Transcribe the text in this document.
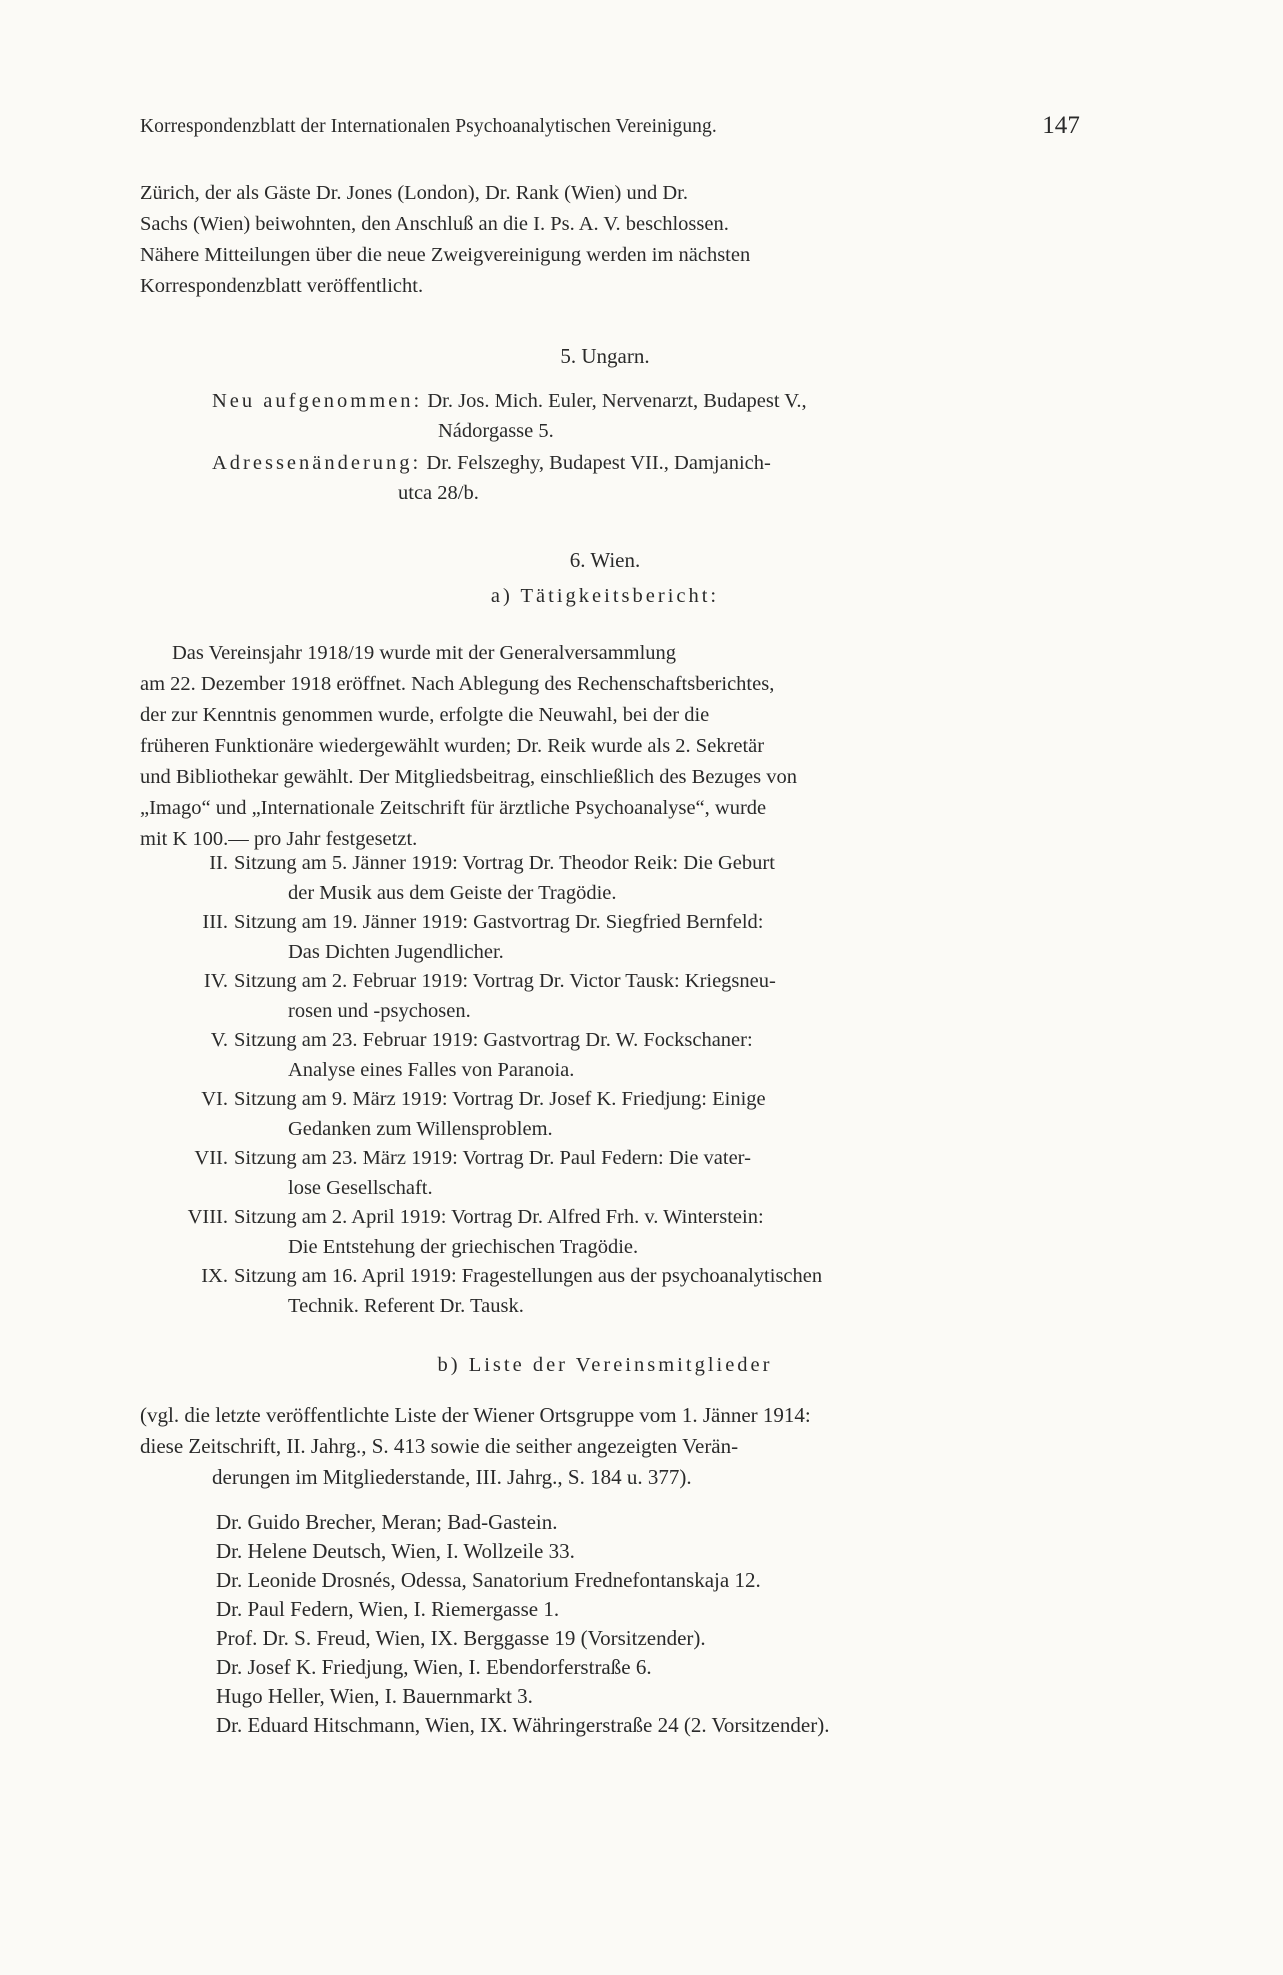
Korrespondenzblatt der Internationalen Psychoanalytischen Vereinigung.	147
Zürich, der als Gäste Dr. Jones (London), Dr. Rank (Wien) und Dr.
Sachs (Wien) beiwohnten, den Anschluß an die I. Ps. A. V. beschlossen.
Nähere Mitteilungen über die neue Zweigvereinigung werden im nächsten
Korrespondenzblatt veröffentlicht.
5. Ungarn.
Neu aufgenommen: Dr. Jos. Mich. Euler, Nervenarzt, Budapest V.,
Nádorgasse 5.
Adressenänderung: Dr. Felszeghy, Budapest VII., Damjanich-
utca 28/b.
6. Wien.
a) Tätigkeitsbericht:
Das Vereinsjahr 1918/19 wurde mit der Generalversammlung
am 22. Dezember 1918 eröffnet. Nach Ablegung des Rechenschaftsberichtes,
der zur Kenntnis genommen wurde, erfolgte die Neuwahl, bei der die
früheren Funktionäre wiedergewählt wurden; Dr. Reik wurde als 2. Sekretär
und Bibliothekar gewählt. Der Mitgliedsbeitrag, einschließlich des Bezuges von
„Imago“ und „Internationale Zeitschrift für ärztliche Psychoanalyse“, wurde
mit K 100.— pro Jahr festgesetzt.
II. Sitzung am 5. Jänner 1919: Vortrag Dr. Theodor Reik: Die Geburt
der Musik aus dem Geiste der Tragödie.
III. Sitzung am 19. Jänner 1919: Gastvortrag Dr. Siegfried Bernfeld:
Das Dichten Jugendlicher.
IV. Sitzung am 2. Februar 1919: Vortrag Dr. Victor Tausk: Kriegsneu-
rosen und -psychosen.
V. Sitzung am 23. Februar 1919: Gastvortrag Dr. W. Fockschaner:
Analyse eines Falles von Paranoia.
VI. Sitzung am 9. März 1919: Vortrag Dr. Josef K. Friedjung: Einige
Gedanken zum Willensproblem.
VII. Sitzung am 23. März 1919: Vortrag Dr. Paul Federn: Die vater-
lose Gesellschaft.
VIII. Sitzung am 2. April 1919: Vortrag Dr. Alfred Frh. v. Winterstein:
Die Entstehung der griechischen Tragödie.
IX. Sitzung am 16. April 1919: Fragestellungen aus der psychoanalytischen
Technik. Referent Dr. Tausk.
b) Liste der Vereinsmitglieder
(vgl. die letzte veröffentlichte Liste der Wiener Ortsgruppe vom 1. Jänner 1914:
diese Zeitschrift, II. Jahrg., S. 413 sowie die seither angezeigten Verän-
derungen im Mitgliederstande, III. Jahrg., S. 184 u. 377).
Dr. Guido Brecher, Meran; Bad-Gastein.
Dr. Helene Deutsch, Wien, I. Wollzeile 33.
Dr. Leonide Drosnés, Odessa, Sanatorium Frednefontanskaja 12.
Dr. Paul Federn, Wien, I. Riemergasse 1.
Prof. Dr. S. Freud, Wien, IX. Berggasse 19 (Vorsitzender).
Dr. Josef K. Friedjung, Wien, I. Ebendorferstraße 6.
Hugo Heller, Wien, I. Bauernmarkt 3.
Dr. Eduard Hitschmann, Wien, IX. Währingerstraße 24 (2. Vorsitzender).
